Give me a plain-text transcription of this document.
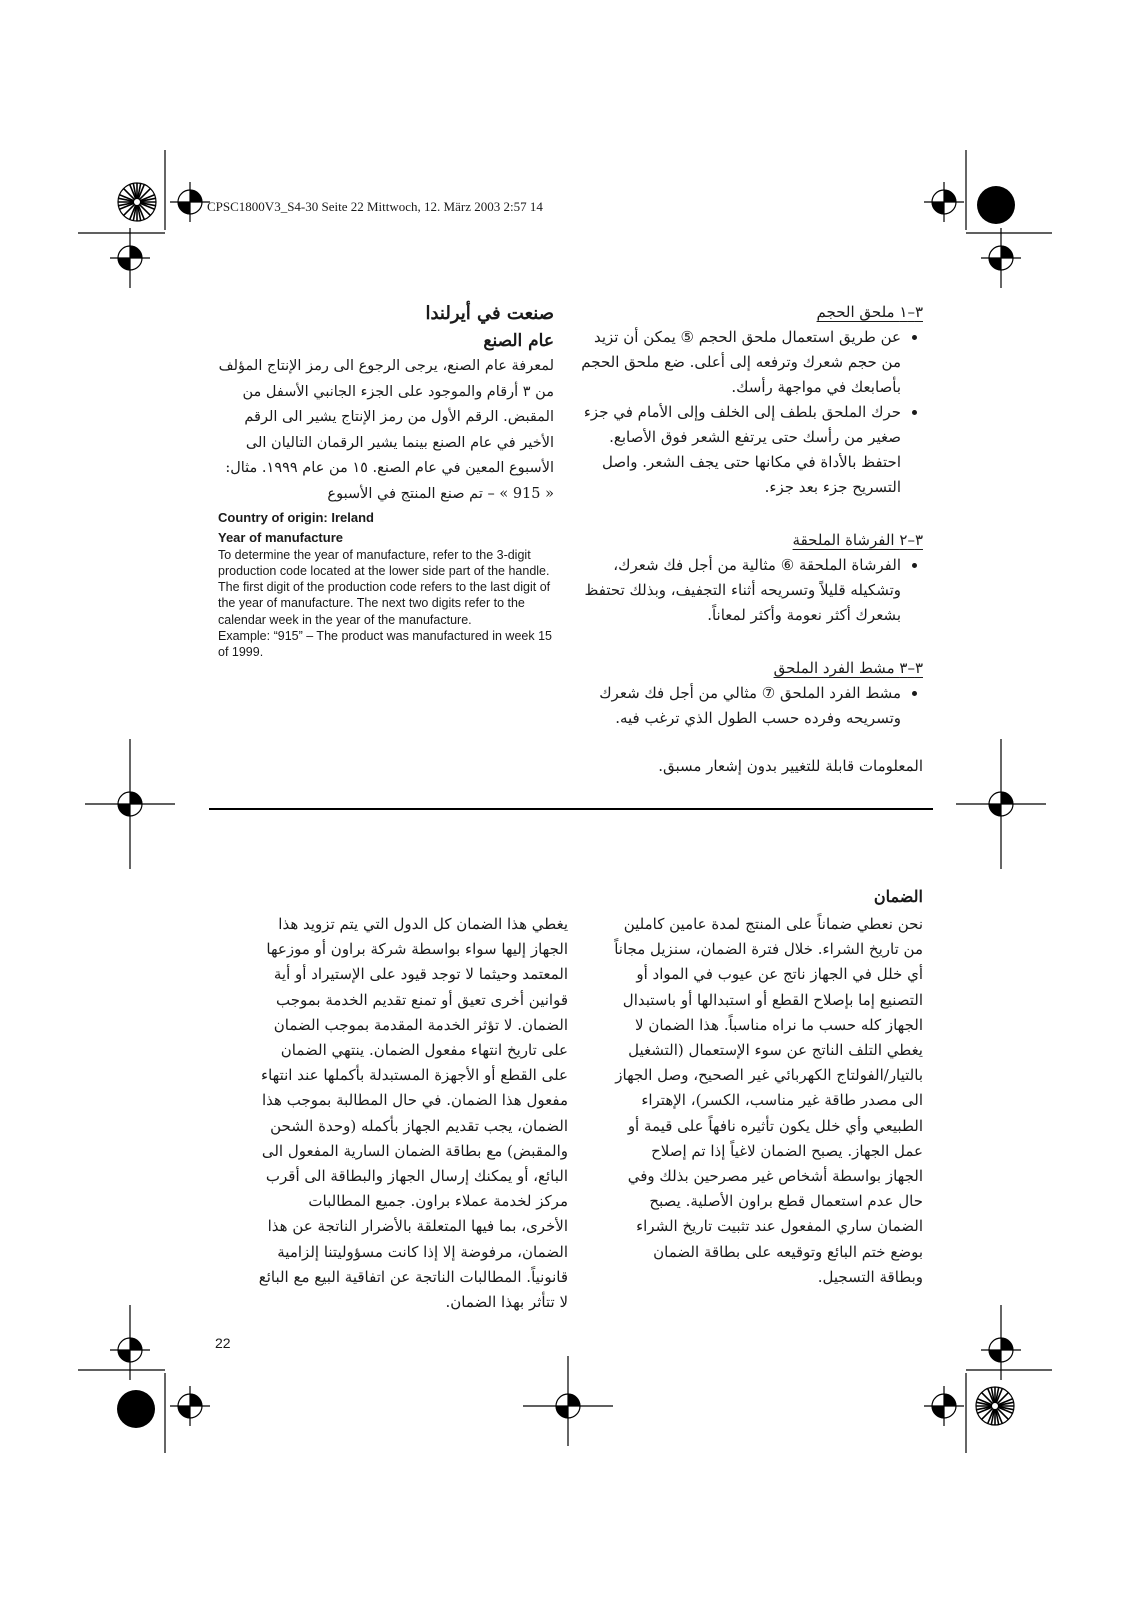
CPSC1800V3_S4-30 Seite 22 Mittwoch, 12. März 2003 2:57 14
٣–١ ملحق الحجم
• عن طريق استعمال ملحق الحجم ⑤ يمكن أن تزيد من حجم شعرك وترفعه إلى أعلى. ضع ملحق الحجم بأصابعك في مواجهة رأسك.
• حرك الملحق بلطف إلى الخلف وإلى الأمام في جزء صغير من رأسك حتى يرتفع الشعر فوق الأصابع. احتفظ بالأداة في مكانها حتى يجف الشعر. واصل التسريح جزء بعد جزء.
٣–٢ الفرشاة الملحقة
• الفرشاة الملحقة ⑥ مثالية من أجل فك شعرك، وتشكيله قليلاً وتسريحه أثناء التجفيف، وبذلك تحتفظ بشعرك أكثر نعومة وأكثر لمعاناً.
٣–٣ مشط الفرد الملحق
• مشط الفرد الملحق ⑦ مثالي من أجل فك شعرك وتسريحه وفرده حسب الطول الذي ترغب فيه.
المعلومات قابلة للتغيير بدون إشعار مسبق.
صنعت في أيرلندا
عام الصنع
لمعرفة عام الصنع، يرجى الرجوع الى رمز الإنتاج المؤلف من ٣ أرقام والموجود على الجزء الجانبي الأسفل من المقبض. الرقم الأول من رمز الإنتاج يشير الى الرقم الأخير في عام الصنع بينما يشير الرقمان التاليان الى الأسبوع المعين في عام الصنع. ١٥ من عام ١٩٩٩. مثال: « 915 » – تم صنع المنتج في الأسبوع
Country of origin: Ireland
Year of manufacture
To determine the year of manufacture, refer to the 3-digit production code located at the lower side part of the handle. The first digit of the production code refers to the last digit of the year of manufacture. The next two digits refer to the calendar week in the year of the manufacture.
Example: “915” – The product was manufactured in week 15 of 1999.
الضمان
نحن نعطي ضماناً على المنتج لمدة عامين كاملين من تاريخ الشراء. خلال فترة الضمان، سنزيل مجاناً أي خلل في الجهاز ناتج عن عيوب في المواد أو التصنيع إما بإصلاح القطع أو استبدالها أو باستبدال الجهاز كله حسب ما نراه مناسباً. هذا الضمان لا يغطي التلف الناتج عن سوء الإستعمال (التشغيل بالتيار/الفولتاج الكهربائي غير الصحيح، وصل الجهاز الى مصدر طاقة غير مناسب، الكسر)، الإهتراء الطبيعي وأي خلل يكون تأثيره نافهاً على قيمة أو عمل الجهاز. يصبح الضمان لاغياً إذا تم إصلاح الجهاز بواسطة أشخاص غير مصرحين بذلك وفي حال عدم استعمال قطع براون الأصلية. يصبح الضمان ساري المفعول عند تثبيت تاريخ الشراء بوضع ختم البائع وتوقيعه على بطاقة الضمان وبطاقة التسجيل.
يغطي هذا الضمان كل الدول التي يتم تزويد هذا الجهاز إليها سواء بواسطة شركة براون أو موزعها المعتمد وحيثما لا توجد قيود على الإستيراد أو أية قوانين أخرى تعيق أو تمنع تقديم الخدمة بموجب الضمان. لا تؤثر الخدمة المقدمة بموجب الضمان على تاريخ انتهاء مفعول الضمان. ينتهي الضمان على القطع أو الأجهزة المستبدلة بأكملها عند انتهاء مفعول هذا الضمان. في حال المطالبة بموجب هذا الضمان، يجب تقديم الجهاز بأكمله (وحدة الشحن والمقبض) مع بطاقة الضمان السارية المفعول الى البائع، أو يمكنك إرسال الجهاز والبطاقة الى أقرب مركز لخدمة عملاء براون. جميع المطالبات الأخرى، بما فيها المتعلقة بالأضرار الناتجة عن هذا الضمان، مرفوضة إلا إذا كانت مسؤوليتنا إلزامية قانونياً. المطالبات الناتجة عن اتفاقية البيع مع البائع لا تتأثر بهذا الضمان.
22
